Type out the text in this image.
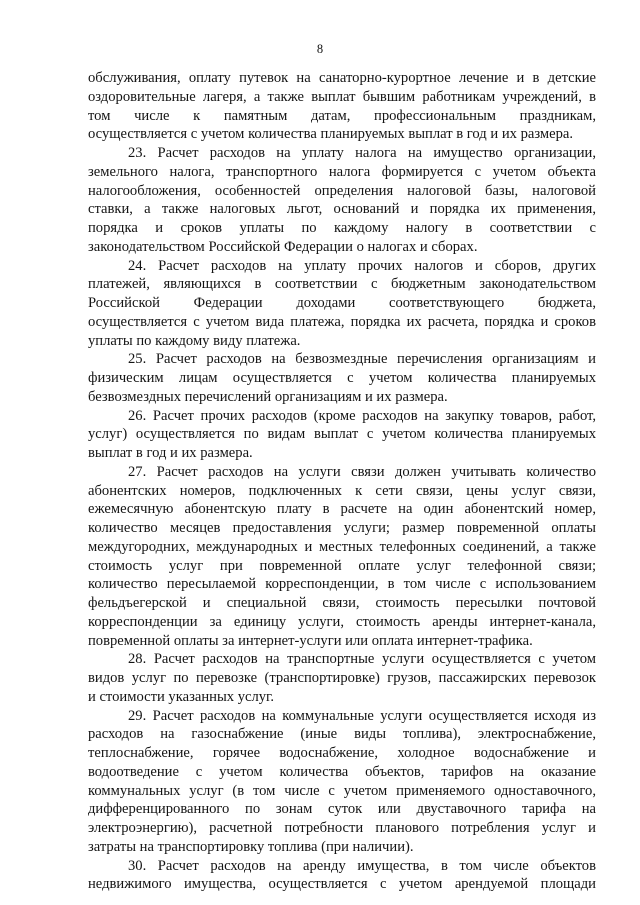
8
обслуживания, оплату путевок на санаторно-курортное лечение и в детские
оздоровительные лагеря, а также выплат бывшим работникам учреждений, в
том числе к памятным датам, профессиональным праздникам,
осуществляется с учетом количества планируемых выплат в год и их размера.
23. Расчет расходов на уплату налога на имущество организации,
земельного налога, транспортного налога формируется с учетом объекта
налогообложения, особенностей определения налоговой базы, налоговой
ставки, а также налоговых льгот, оснований и порядка их применения,
порядка и сроков уплаты по каждому налогу в соответствии с
законодательством Российской Федерации о налогах и сборах.
24. Расчет расходов на уплату прочих налогов и сборов, других
платежей, являющихся в соответствии с бюджетным законодательством
Российской Федерации доходами соответствующего бюджета,
осуществляется с учетом вида платежа, порядка их расчета, порядка и сроков
уплаты по каждому виду платежа.
25. Расчет расходов на безвозмездные перечисления организациям и
физическим лицам осуществляется с учетом количества планируемых
безвозмездных перечислений организациям и их размера.
26. Расчет прочих расходов (кроме расходов на закупку товаров, работ,
услуг) осуществляется по видам выплат с учетом количества планируемых
выплат в год и их размера.
27. Расчет расходов на услуги связи должен учитывать количество
абонентских номеров, подключенных к сети связи, цены услуг связи,
ежемесячную абонентскую плату в расчете на один абонентский номер,
количество месяцев предоставления услуги; размер повременной оплаты
междугородних, международных и местных телефонных соединений, а также
стоимость услуг при повременной оплате услуг телефонной связи;
количество пересылаемой корреспонденции, в том числе с использованием
фельдъегерской и специальной связи, стоимость пересылки почтовой
корреспонденции за единицу услуги, стоимость аренды интернет-канала,
повременной оплаты за интернет-услуги или оплата интернет-трафика.
28. Расчет расходов на транспортные услуги осуществляется с учетом
видов услуг по перевозке (транспортировке) грузов, пассажирских перевозок
и стоимости указанных услуг.
29. Расчет расходов на коммунальные услуги осуществляется исходя из
расходов на газоснабжение (иные виды топлива), электроснабжение,
теплоснабжение, горячее водоснабжение, холодное водоснабжение и
водоотведение с учетом количества объектов, тарифов на оказание
коммунальных услуг (в том числе с учетом применяемого одноставочного,
дифференцированного по зонам суток или двуставочного тарифа на
электроэнергию), расчетной потребности планового потребления услуг и
затраты на транспортировку топлива (при наличии).
30. Расчет расходов на аренду имущества, в том числе объектов
недвижимого имущества, осуществляется с учетом арендуемой площади
